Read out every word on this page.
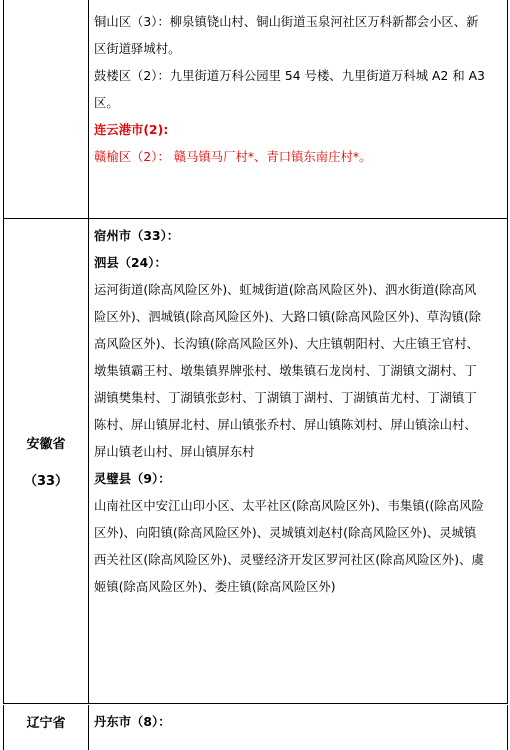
铜山区（3）：柳泉镇铙山村、铜山街道玉泉河社区万科新都会小区、新
区街道驿城村。
鼓楼区（2）：九里街道万科公园里 54 号楼、九里街道万科城 A2 和 A3
区。
连云港市(2):
赣榆区（2）： 赣马镇马厂村*、青口镇东南庄村*。
安徽省
（33）
宿州市（33）：
泗县（24）：
运河街道(除高风险区外)、虹城街道(除高风险区外)、泗水街道(除高风
险区外)、泗城镇(除高风险区外)、大路口镇(除高风险区外)、草沟镇(除
高风险区外)、长沟镇(除高风险区外)、大庄镇朝阳村、大庄镇王官村、
墩集镇霸王村、墩集镇界牌张村、墩集镇石龙岗村、丁湖镇文湖村、丁
湖镇樊集村、丁湖镇张彭村、丁湖镇丁湖村、丁湖镇苗尤村、丁湖镇丁
陈村、屏山镇屏北村、屏山镇张乔村、屏山镇陈刘村、屏山镇涂山村、
屏山镇老山村、屏山镇屏东村
灵璧县（9）：
山南社区中安江山印小区、太平社区(除高风险区外)、韦集镇((除高风险
区外)、向阳镇(除高风险区外)、灵城镇刘赵村(除高风险区外)、灵城镇
西关社区(除高风险区外)、灵璧经济开发区罗河社区(除高风险区外)、虞
姬镇(除高风险区外)、娄庄镇(除高风险区外)
辽宁省	丹东市（8）：
